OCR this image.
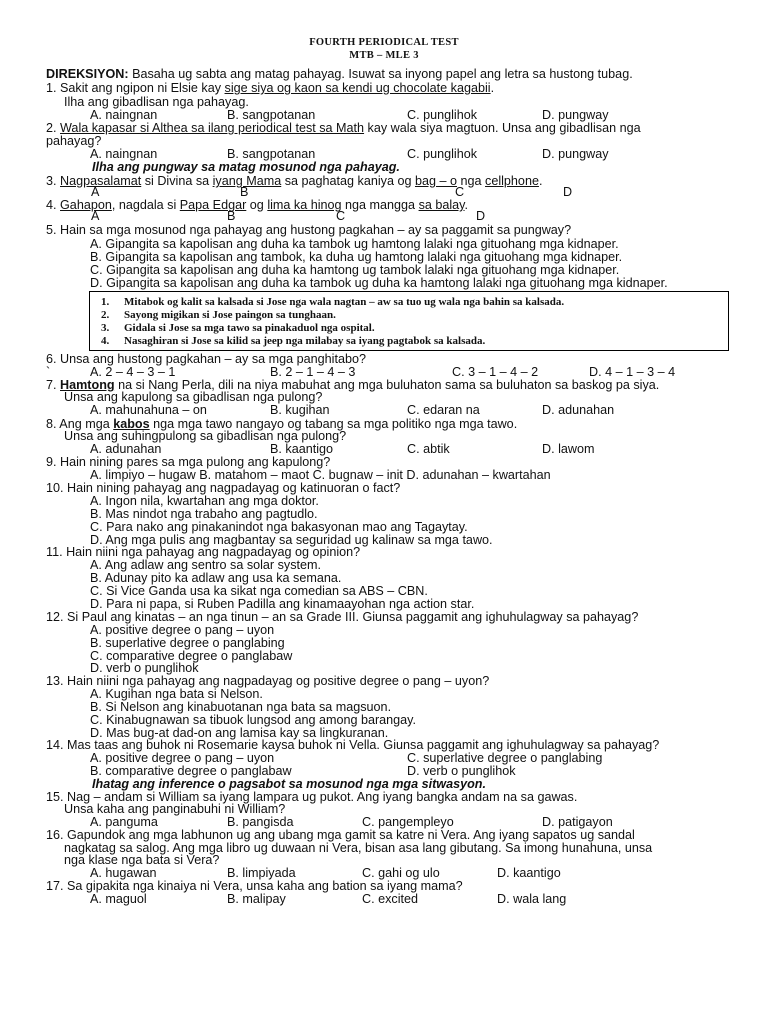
FOURTH PERIODICAL TEST
MTB – MLE 3
DIREKSIYON: Basaha ug sabta ang matag pahayag. Isuwat sa inyong papel ang letra sa hustong tubag.
1. Sakit ang ngipon ni Elsie kay sige siya og kaon sa kendi ug chocolate kagabii.
Ilha ang gibadlisan nga pahayag.
A. naingnan	B. sangpotanan	C. punglihok	D. pungway
2. Wala kapasar si Althea sa ilang periodical test sa Math kay wala siya magtuon. Unsa ang gibadlisan nga
pahayag?
A. naingnan	B. sangpotanan	C. punglihok	D. pungway
Ilha ang pungway sa matag mosunod nga pahayag.
3. Nagpasalamat si Divina sa iyang Mama sa paghatag kaniya og bag – o nga cellphone.
A	B	C	D
4. Gahapon, nagdala si Papa Edgar og lima ka hinog nga mangga sa balay.
A	B	C	D
5. Hain sa mga mosunod nga pahayag ang hustong pagkahan – ay sa paggamit sa pungway?
A. Gipangita sa kapolisan ang duha ka tambok ug hamtong lalaki nga gituohang mga kidnaper.
B. Gipangita sa kapolisan ang tambok, ka duha ug hamtong lalaki nga gituohang mga kidnaper.
C. Gipangita sa kapolisan ang duha ka hamtong ug tambok lalaki nga gituohang mga kidnaper.
D. Gipangita sa kapolisan ang duha ka tambok ug duha ka hamtong lalaki nga gituohang mga kidnaper.
1. Mitabok og kalit sa kalsada si Jose nga wala nagtan – aw sa tuo ug wala nga bahin sa kalsada.
2. Sayong migikan si Jose paingon sa tunghaan.
3. Gidala si Jose sa mga tawo sa pinakaduol nga ospital.
4. Nasaghiran si Jose sa kilid sa jeep nga milabay sa iyang pagtabok sa kalsada.
6. Unsa ang hustong pagkahan – ay sa mga panghitabo?
`	A. 2 – 4 – 3 – 1	B. 2 – 1 – 4 – 3	C. 3 – 1 – 4 – 2	D. 4 – 1 – 3 – 4
7. Hamtong na si Nang Perla, dili na niya mabuhat ang mga buluhaton sama sa buluhaton sa baskog pa siya.
Unsa ang kapulong sa gibadlisan nga pulong?
A. mahunahuna – on	B. kugihan	C. edaran na	D. adunahan
8. Ang mga kabos nga mga tawo nangayo og tabang sa mga politiko nga mga tawo.
Unsa ang suhingpulong sa gibadlisan nga pulong?
A. adunahan	B. kaantigo	C. abtik	D. lawom
9. Hain nining pares sa mga pulong ang kapulong?
A. limpiyo – hugaw B. matahom – maot C. bugnaw – init D. adunahan – kwartahan
10. Hain nining pahayag ang nagpadayag og katinuoran o fact?
A. Ingon nila, kwartahan ang mga doktor.
B. Mas nindot nga trabaho ang pagtudlo.
C. Para nako ang pinakanindot nga bakasyonan mao ang Tagaytay.
D. Ang mga pulis ang magbantay sa seguridad ug kalinaw sa mga tawo.
11. Hain niini nga pahayag ang nagpadayag og opinion?
A. Ang adlaw ang sentro sa solar system.
B. Adunay pito ka adlaw ang usa ka semana.
C. Si Vice Ganda usa ka sikat nga comedian sa ABS – CBN.
D. Para ni papa, si Ruben Padilla ang kinamaayohan nga action star.
12. Si Paul ang kinatas – an nga tinun – an sa Grade III. Giunsa paggamit ang ighuhulagway sa pahayag?
A. positive degree o pang – uyon
B. superlative degree o panglabing
C. comparative degree o panglabaw
D. verb o punglihok
13. Hain niini nga pahayag ang nagpadayag og positive degree o pang – uyon?
A. Kugihan nga bata si Nelson.
B. Si Nelson ang kinabuotanan nga bata sa magsuon.
C. Kinabugnawan sa tibuok lungsod ang among barangay.
D. Mas bug-at dad-on ang lamisa kay sa lingkuranan.
14. Mas taas ang buhok ni Rosemarie kaysa buhok ni Vella. Giunsa paggamit ang ighuhulagway sa pahayag?
A. positive degree o pang – uyon	C. superlative degree o panglabing
B. comparative degree o panglabaw	D. verb o punglihok
Ihatag ang inference o pagsabot sa mosunod nga mga sitwasyon.
15. Nag – andam si William sa iyang lampara ug pukot. Ang iyang bangka andam na sa gawas.
Unsa kaha ang panginabuhi ni William?
A. panguma	B. pangisda	C. pangempleyo	D. patigayon
16. Gapundok ang mga labhunon ug ang ubang mga gamit sa katre ni Vera. Ang iyang sapatos ug sandal
nagkatag sa salog. Ang mga libro ug duwaan ni Vera, bisan asa lang gibutang. Sa imong hunahuna, unsa
nga klase nga bata si Vera?
A. hugawan	B. limpiyada	C. gahi og ulo	D. kaantigo
17. Sa gipakita nga kinaiya ni Vera, unsa kaha ang bation sa iyang mama?
A. maguol	B. malipay	C. excited	D. wala lang
